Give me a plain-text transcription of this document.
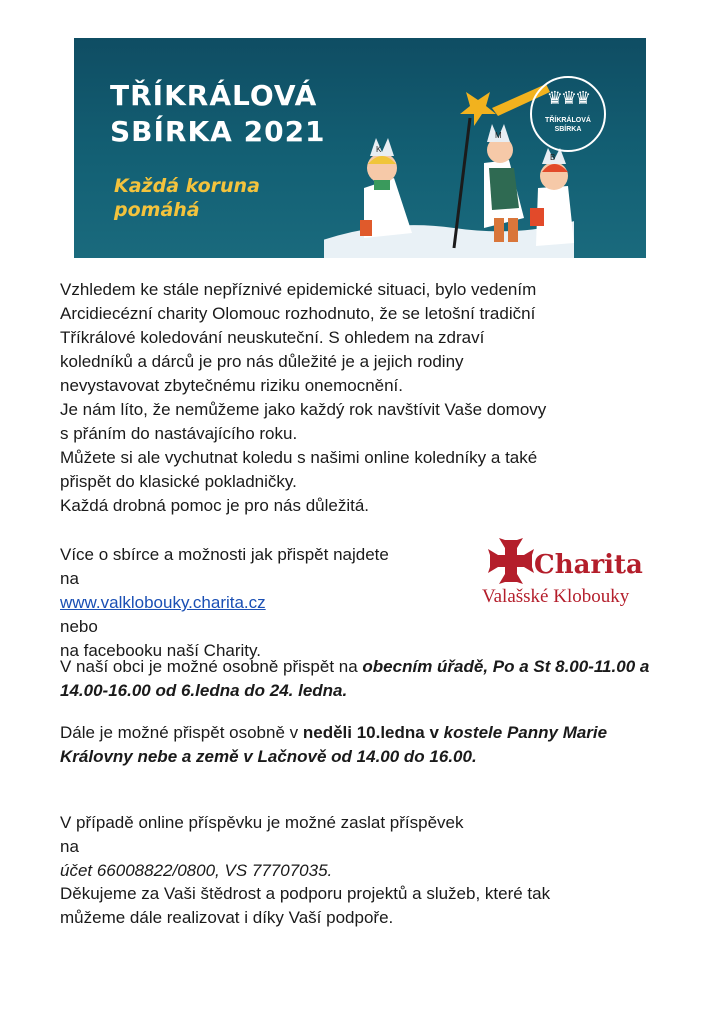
TŘÍKRÁLOVÁ
SBÍRKA 2021

Každá koruna
pomáhá

K
M
B
♛♛♛
TŘÍKRÁLOVÁ
SBÍRKA

Vzhledem ke stále nepříznivé epidemické situaci, bylo vedením
Arcidiecézní charity Olomouc rozhodnuto, že se letošní tradiční
Tříkrálové koledování neuskuteční. S ohledem na zdraví
koledníků a dárců je pro nás důležité je a jejich rodiny
nevystavovat zbytečnému riziku onemocnění.
Je nám líto, že nemůžeme jako každý rok navštívit Vaše domovy
s přáním do nastávajícího roku.
Můžete si ale vychutnat koledu s našimi online koledníky a také
přispět do klasické pokladničky.
Každá drobná pomoc je pro nás důležitá.

Více o sbírce a možnosti jak přispět najdete
na
www.valklobouky.charita.cz
nebo
na facebooku naší Charity.

Charita
Valašské Klobouky

V naší obci je možné osobně přispět na obecním úřadě, Po a St 8.00-11.00 a 14.00-16.00 od 6.ledna do 24. ledna.

Dále je možné přispět osobně v neděli 10.ledna v kostele Panny Marie Královny nebe a země v Lačnově od 14.00 do 16.00.

V případě online příspěvku je možné zaslat příspěvek
na
účet 66008822/0800, VS 77707035.

Děkujeme za Vaši štědrost a podporu projektů a služeb, které tak
můžeme dále realizovat i díky Vaší podpoře.
